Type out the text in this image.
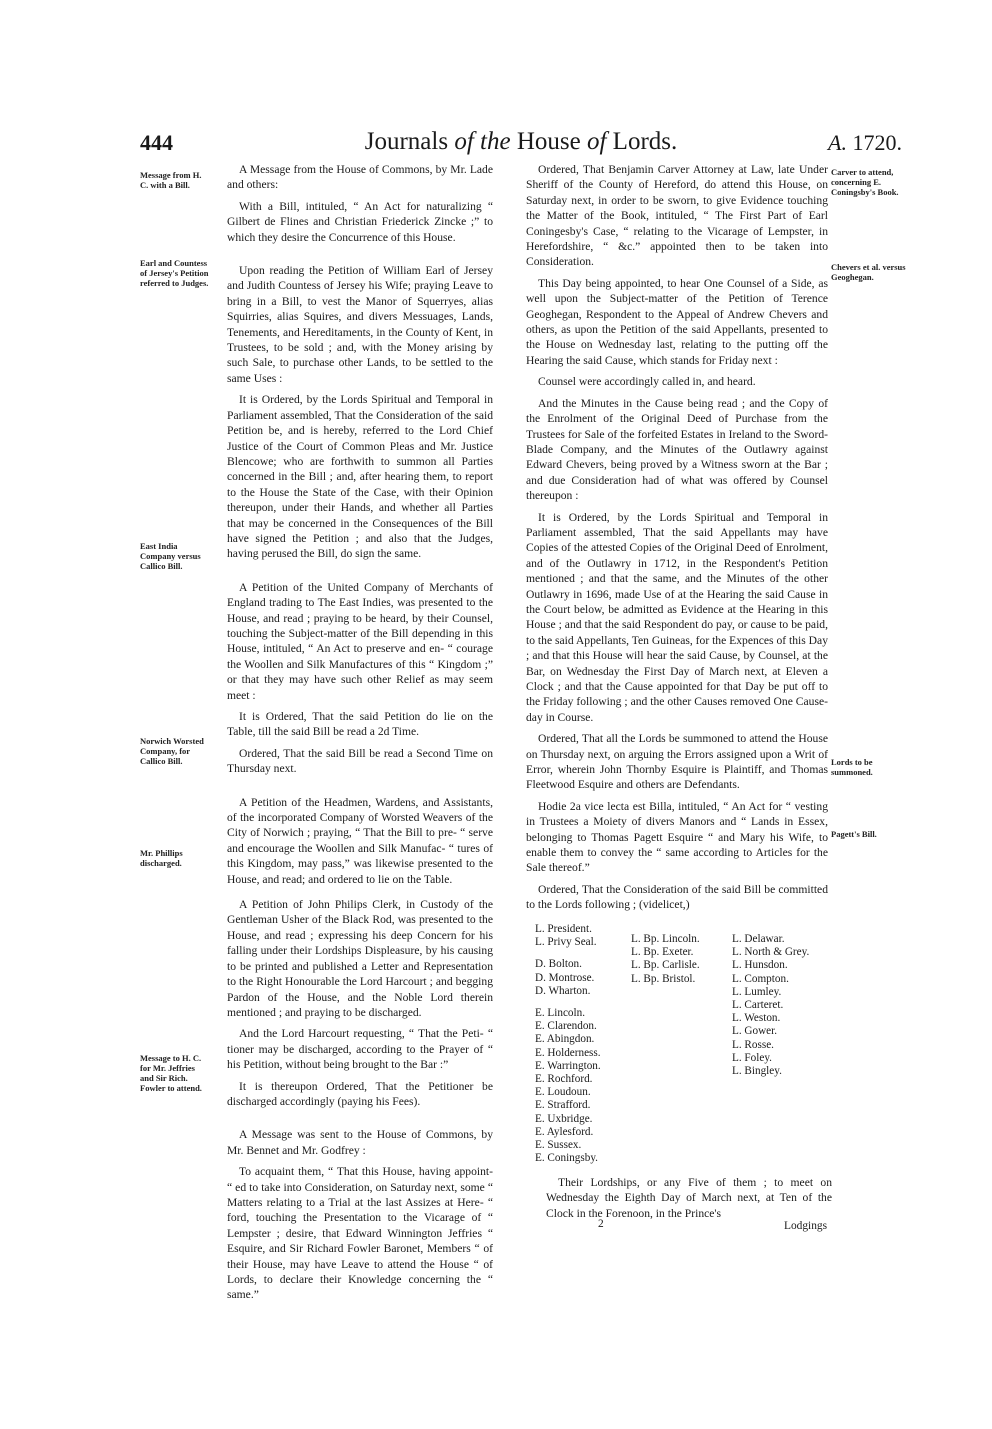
444	Journals of the House of Lords.	A. 1720.
Message from H. C. with a Bill.
Earl and Countess of Jersey's Petition referred to Judges.
East India Company versus Callico Bill.
Norwich Worsted Company, for Callico Bill.
Mr. Phillips discharged.
Message to H. C. for Mr. Jeffries and Sir Rich. Fowler to attend.
Carver to attend, concerning E. Coningsby's Book.
Chevers et al. versus Geoghegan.
Lords to be summoned.
Pagett's Bill.

A Message from the House of Commons, by Mr. Lade and others:

With a Bill, intituled, “ An Act for naturalizing “ Gilbert de Flines and Christian Friederick Zincke ;” to which they desire the Concurrence of this House.

Upon reading the Petition of William Earl of Jersey and Judith Countess of Jersey his Wife; praying Leave to bring in a Bill, to vest the Manor of Squerryes, alias Squirries, alias Squires, and divers Messuages, Lands, Tenements, and Hereditaments, in the County of Kent, in Trustees, to be sold ; and, with the Money arising by such Sale, to purchase other Lands, to be settled to the same Uses :

It is Ordered, by the Lords Spiritual and Temporal in Parliament assembled, That the Consideration of the said Petition be, and is hereby, referred to the Lord Chief Justice of the Court of Common Pleas and Mr. Justice Blencowe; who are forthwith to summon all Parties concerned in the Bill ; and, after hearing them, to report to the House the State of the Case, with their Opinion thereupon, under their Hands, and whether all Parties that may be concerned in the Consequences of the Bill have signed the Petition ; and also that the Judges, having perused the Bill, do sign the same.

A Petition of the United Company of Merchants of England trading to The East Indies, was presented to the House, and read ; praying to be heard, by their Counsel, touching the Subject-matter of the Bill depending in this House, intituled, “ An Act to preserve and en- “ courage the Woollen and Silk Manufactures of this “ Kingdom ;” or that they may have such other Relief as may seem meet :

It is Ordered, That the said Petition do lie on the Table, till the said Bill be read a 2d Time.

Ordered, That the said Bill be read a Second Time on Thursday next.

A Petition of the Headmen, Wardens, and Assistants, of the incorporated Company of Worsted Weavers of the City of Norwich ; praying, “ That the Bill to pre- “ serve and encourage the Woollen and Silk Manufac- “ tures of this Kingdom, may pass,” was likewise presented to the House, and read; and ordered to lie on the Table.

A Petition of John Philips Clerk, in Custody of the Gentleman Usher of the Black Rod, was presented to the House, and read ; expressing his deep Concern for his falling under their Lordships Displeasure, by his causing to be printed and published a Letter and Representation to the Right Honourable the Lord Harcourt ; and begging Pardon of the House, and the Noble Lord therein mentioned ; and praying to be discharged.

And the Lord Harcourt requesting, “ That the Peti- “ tioner may be discharged, according to the Prayer of “ his Petition, without being brought to the Bar :”

It is thereupon Ordered, That the Petitioner be discharged accordingly (paying his Fees).

A Message was sent to the House of Commons, by Mr. Bennet and Mr. Godfrey :

To acquaint them, “ That this House, having appoint- “ ed to take into Consideration, on Saturday next, some “ Matters relating to a Trial at the last Assizes at Here- “ ford, touching the Presentation to the Vicarage of “ Lempster ; desire, that Edward Winnington Jeffries “ Esquire, and Sir Richard Fowler Baronet, Members “ of their House, may have Leave to attend the House “ of Lords, to declare their Knowledge concerning the “ same.”

Ordered, That Benjamin Carver Attorney at Law, late Under Sheriff of the County of Hereford, do attend this House, on Saturday next, in order to be sworn, to give Evidence touching the Matter of the Book, intituled, “ The First Part of Earl Coningesby's Case, “ relating to the Vicarage of Lempster, in Herefordshire, “ &c.” appointed then to be taken into Consideration.

This Day being appointed, to hear One Counsel of a Side, as well upon the Subject-matter of the Petition of Terence Geoghegan, Respondent to the Appeal of Andrew Chevers and others, as upon the Petition of the said Appellants, presented to the House on Wednesday last, relating to the putting off the Hearing the said Cause, which stands for Friday next :

Counsel were accordingly called in, and heard.

And the Minutes in the Cause being read ; and the Copy of the Enrolment of the Original Deed of Purchase from the Trustees for Sale of the forfeited Estates in Ireland to the Sword-Blade Company, and the Minutes of the Outlawry against Edward Chevers, being proved by a Witness sworn at the Bar ; and due Consideration had of what was offered by Counsel thereupon :

It is Ordered, by the Lords Spiritual and Temporal in Parliament assembled, That the said Appellants may have Copies of the attested Copies of the Original Deed of Enrolment, and of the Outlawry in 1712, in the Respondent's Petition mentioned ; and that the same, and the Minutes of the other Outlawry in 1696, made Use of at the Hearing the said Cause in the Court below, be admitted as Evidence at the Hearing in this House ; and that the said Respondent do pay, or cause to be paid, to the said Appellants, Ten Guineas, for the Expences of this Day ; and that this House will hear the said Cause, by Counsel, at the Bar, on Wednesday the First Day of March next, at Eleven a Clock ; and that the Cause appointed for that Day be put off to the Friday following ; and the other Causes removed One Cause-day in Course.

Ordered, That all the Lords be summoned to attend the House on Thursday next, on arguing the Errors assigned upon a Writ of Error, wherein John Thornby Esquire is Plaintiff, and Thomas Fleetwood Esquire and others are Defendants.

Hodie 2a vice lecta est Billa, intituled, “ An Act for “ vesting in Trustees a Moiety of divers Manors and “ Lands in Essex, belonging to Thomas Pagett Esquire “ and Mary his Wife, to enable them to convey the “ same according to Articles for the Sale thereof.”

Ordered, That the Consideration of the said Bill be committed to the Lords following ; (videlicet,)

L. President.
L. Privy Seal.
D. Bolton.
D. Montrose.
D. Wharton.
E. Lincoln.
E. Clarendon.
E. Abingdon.
E. Holderness.
E. Warrington.
E. Rochford.
E. Loudoun.
E. Strafford.
E. Uxbridge.
E. Aylesford.
E. Sussex.
E. Coningsby.
L. Bp. Lincoln.
L. Bp. Exeter.
L. Bp. Carlisle.
L. Bp. Bristol.
L. Delawar.
L. North & Grey.
L. Hunsdon.
L. Compton.
L. Lumley.
L. Carteret.
L. Weston.
L. Gower.
L. Rosse.
L. Foley.
L. Bingley.

Their Lordships, or any Five of them ; to meet on Wednesday the Eighth Day of March next, at Ten of the Clock in the Forenoon, in the Prince's

2	Lodgings
